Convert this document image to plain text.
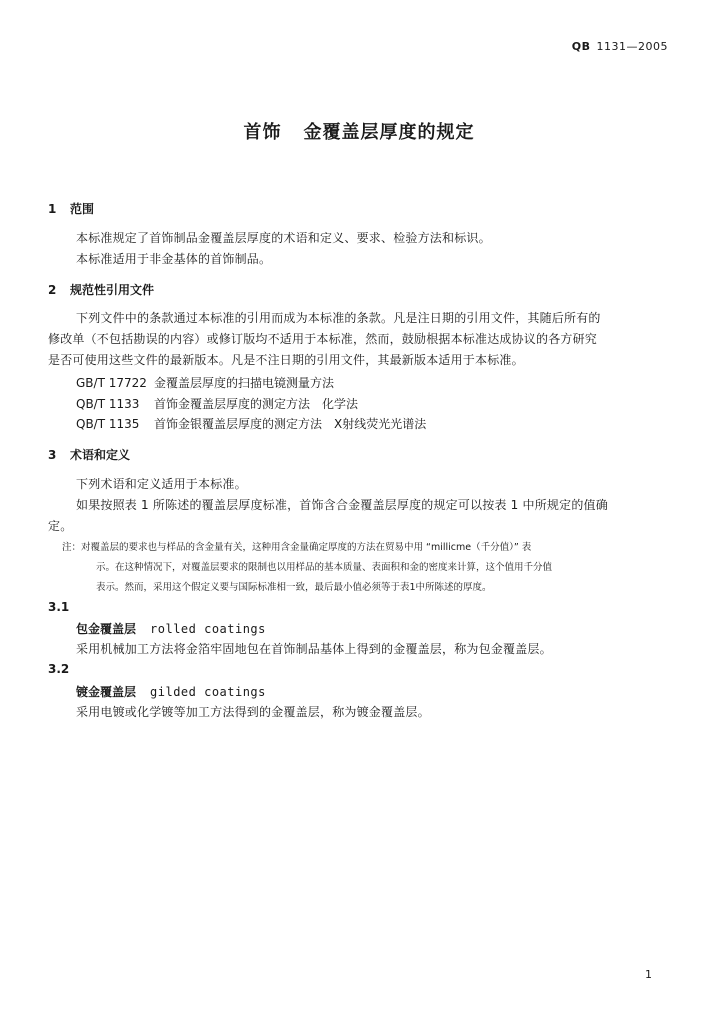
QB 1131—2005
首饰 金覆盖层厚度的规定
1 范围
本标准规定了首饰制品金覆盖层厚度的术语和定义、要求、检验方法和标识。
本标准适用于非金基体的首饰制品。
2 规范性引用文件
下列文件中的条款通过本标准的引用而成为本标准的条款。凡是注日期的引用文件，其随后所有的
修改单（不包括勘误的内容）或修订版均不适用于本标准，然而，鼓励根据本标准达成协议的各方研究
是否可使用这些文件的最新版本。凡是不注日期的引用文件，其最新版本适用于本标准。
GB/T 17722 金覆盖层厚度的扫描电镜测量方法
QB/T 1133 首饰金覆盖层厚度的测定方法　化学法
QB/T 1135 首饰金银覆盖层厚度的测定方法　X射线荧光光谱法
3 术语和定义
下列术语和定义适用于本标准。
如果按照表 1 所陈述的覆盖层厚度标准，首饰含合金覆盖层厚度的规定可以按表 1 中所规定的值确
定。
注：对覆盖层的要求也与样品的含金量有关，这种用含金量确定厚度的方法在贸易中用 “millicme（千分值）” 表
示。在这种情况下，对覆盖层要求的限制也以用样品的基本质量、表面积和金的密度来计算，这个值用千分值
表示。然而，采用这个假定义要与国际标准相一致，最后最小值必须等于表1中所陈述的厚度。
3.1
包金覆盖层 rolled coatings
采用机械加工方法将金箔牢固地包在首饰制品基体上得到的金覆盖层，称为包金覆盖层。
3.2
镀金覆盖层 gilded coatings
采用电镀或化学镀等加工方法得到的金覆盖层，称为镀金覆盖层。
1
